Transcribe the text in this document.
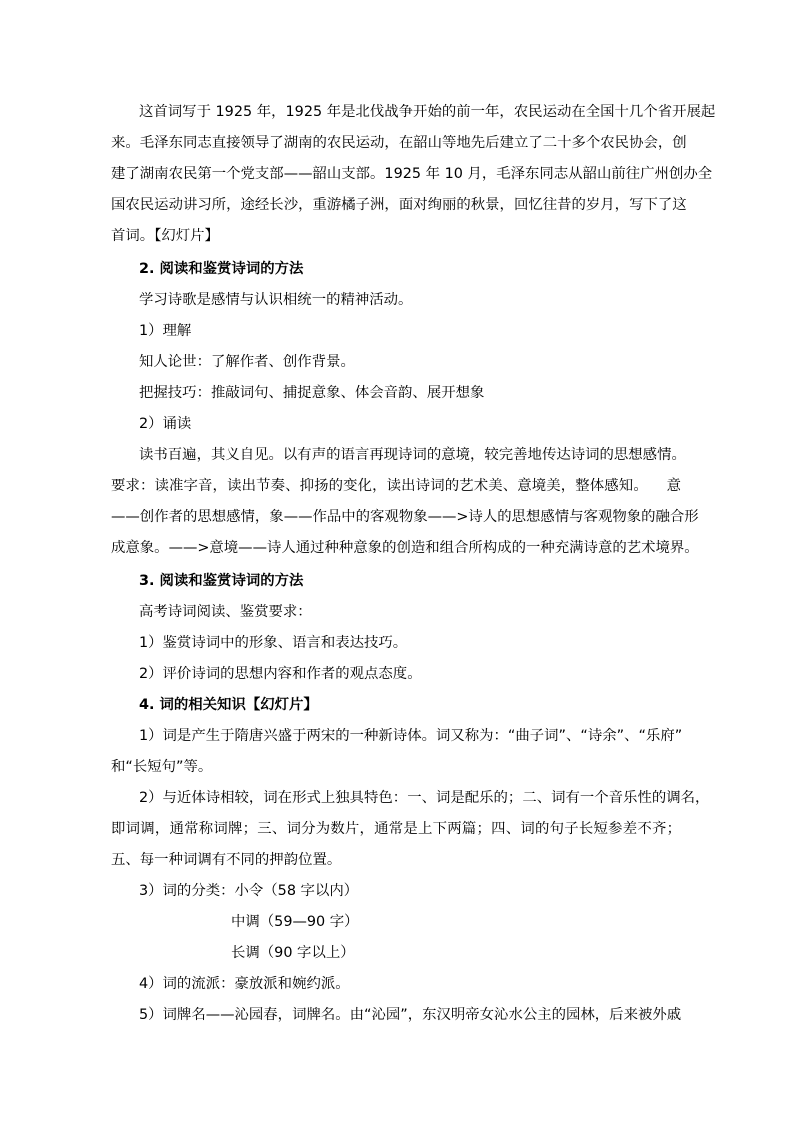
这首词写于 1925 年，1925 年是北伐战争开始的前一年，农民运动在全国十几个省开展起
来。毛泽东同志直接领导了湖南的农民运动，在韶山等地先后建立了二十多个农民协会，创
建了湖南农民第一个党支部——韶山支部。1925 年 10 月，毛泽东同志从韶山前往广州创办全
国农民运动讲习所，途经长沙，重游橘子洲，面对绚丽的秋景，回忆往昔的岁月，写下了这
首词。【幻灯片】
2. 阅读和鉴赏诗词的方法
学习诗歌是感情与认识相统一的精神活动。
1）理解
知人论世：了解作者、创作背景。
把握技巧：推敲词句、捕捉意象、体会音韵、展开想象
2）诵读
读书百遍，其义自见。以有声的语言再现诗词的意境，较完善地传达诗词的思想感情。
要求：读准字音，读出节奏、抑扬的变化，读出诗词的艺术美、意境美，整体感知。    意
——创作者的思想感情，象——作品中的客观物象——>诗人的思想感情与客观物象的融合形
成意象。——>意境——诗人通过种种意象的创造和组合所构成的一种充满诗意的艺术境界。
3. 阅读和鉴赏诗词的方法
高考诗词阅读、鉴赏要求：
1）鉴赏诗词中的形象、语言和表达技巧。
2）评价诗词的思想内容和作者的观点态度。
4. 词的相关知识【幻灯片】
1）词是产生于隋唐兴盛于两宋的一种新诗体。词又称为：“曲子词”、“诗余”、“乐府”
和“长短句”等。
2）与近体诗相较，词在形式上独具特色：一、词是配乐的；二、词有一个音乐性的调名，
即词调，通常称词牌；三、词分为数片，通常是上下两篇；四、词的句子长短参差不齐；
五、每一种词调有不同的押韵位置。
3）词的分类：小令（58 字以内）
中调（59—90 字）
长调（90 字以上）
4）词的流派：豪放派和婉约派。
5）词牌名——沁园春，词牌名。由“沁园”，东汉明帝女沁水公主的园林，后来被外戚
